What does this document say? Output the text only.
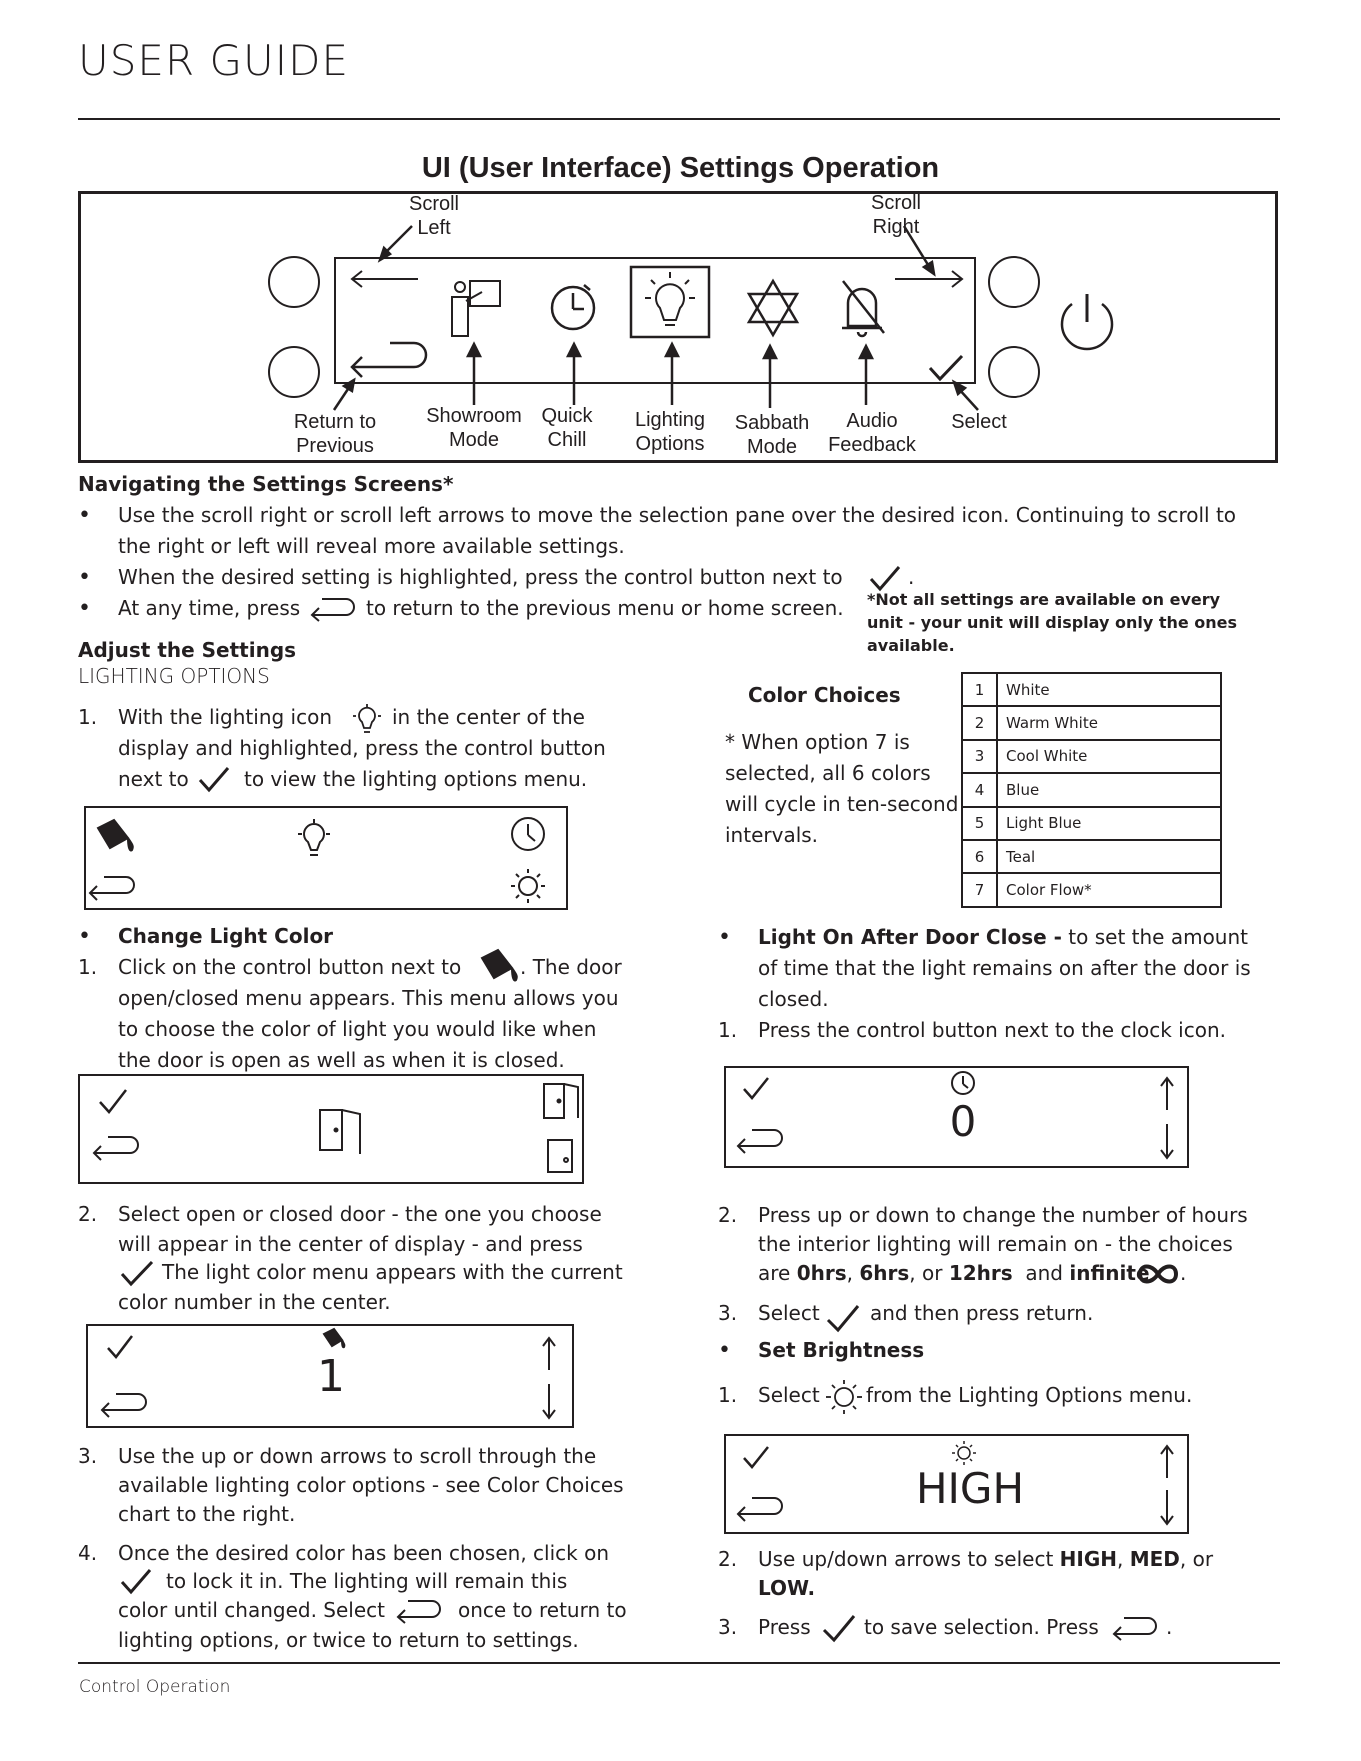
USER GUIDE
UI (User Interface) Settings Operation
Scroll
Left
Scroll
Right
Return to
Previous
Showroom
Mode
Quick
Chill
Lighting
Options
Sabbath
Mode
Audio
Feedback
Select
Navigating the Settings Screens*
• Use the scroll right or scroll left arrows to move the selection pane over the desired icon. Continuing to scroll to
the right or left will reveal more available settings.
• When the desired setting is highlighted, press the control button next to	.
• At any time, press	to return to the previous menu or home screen. *Not all settings are available on every
unit - your unit will display only the ones
available.
Adjust the Settings
LIGHTING OPTIONS
1. With the lighting icon	in the center of the
display and highlighted, press the control button
next to	to view the lighting options menu.
Color Choices
* When option 7 is
selected, all 6 colors
will cycle in ten-second
intervals.
1	White
2	Warm White
3	Cool White
4	Blue
5	Light Blue
6	Teal
7	Color Flow*
• Change Light Color
1. Click on the control button next to	. The door
open/closed menu appears. This menu allows you
to choose the color of light you would like when
the door is open as well as when it is closed.
2. Select open or closed door - the one you choose
will appear in the center of display - and press
The light color menu appears with the current
color number in the center.
1
3. Use the up or down arrows to scroll through the
available lighting color options - see Color Choices
chart to the right.
4. Once the desired color has been chosen, click on
to lock it in. The lighting will remain this
color until changed. Select	once to return to
lighting options, or twice to return to settings.
• Light On After Door Close - to set the amount
of time that the light remains on after the door is
closed.
1. Press the control button next to the clock icon.
0
2. Press up or down to change the number of hours
the interior lighting will remain on - the choices
are 0hrs, 6hrs, or 12hrs and infinite .
3. Select	and then press return.
• Set Brightness
1. Select from the Lighting Options menu.
HIGH
2. Use up/down arrows to select HIGH, MED, or
LOW.
3. Press	to save selection. Press	.
Control Operation
